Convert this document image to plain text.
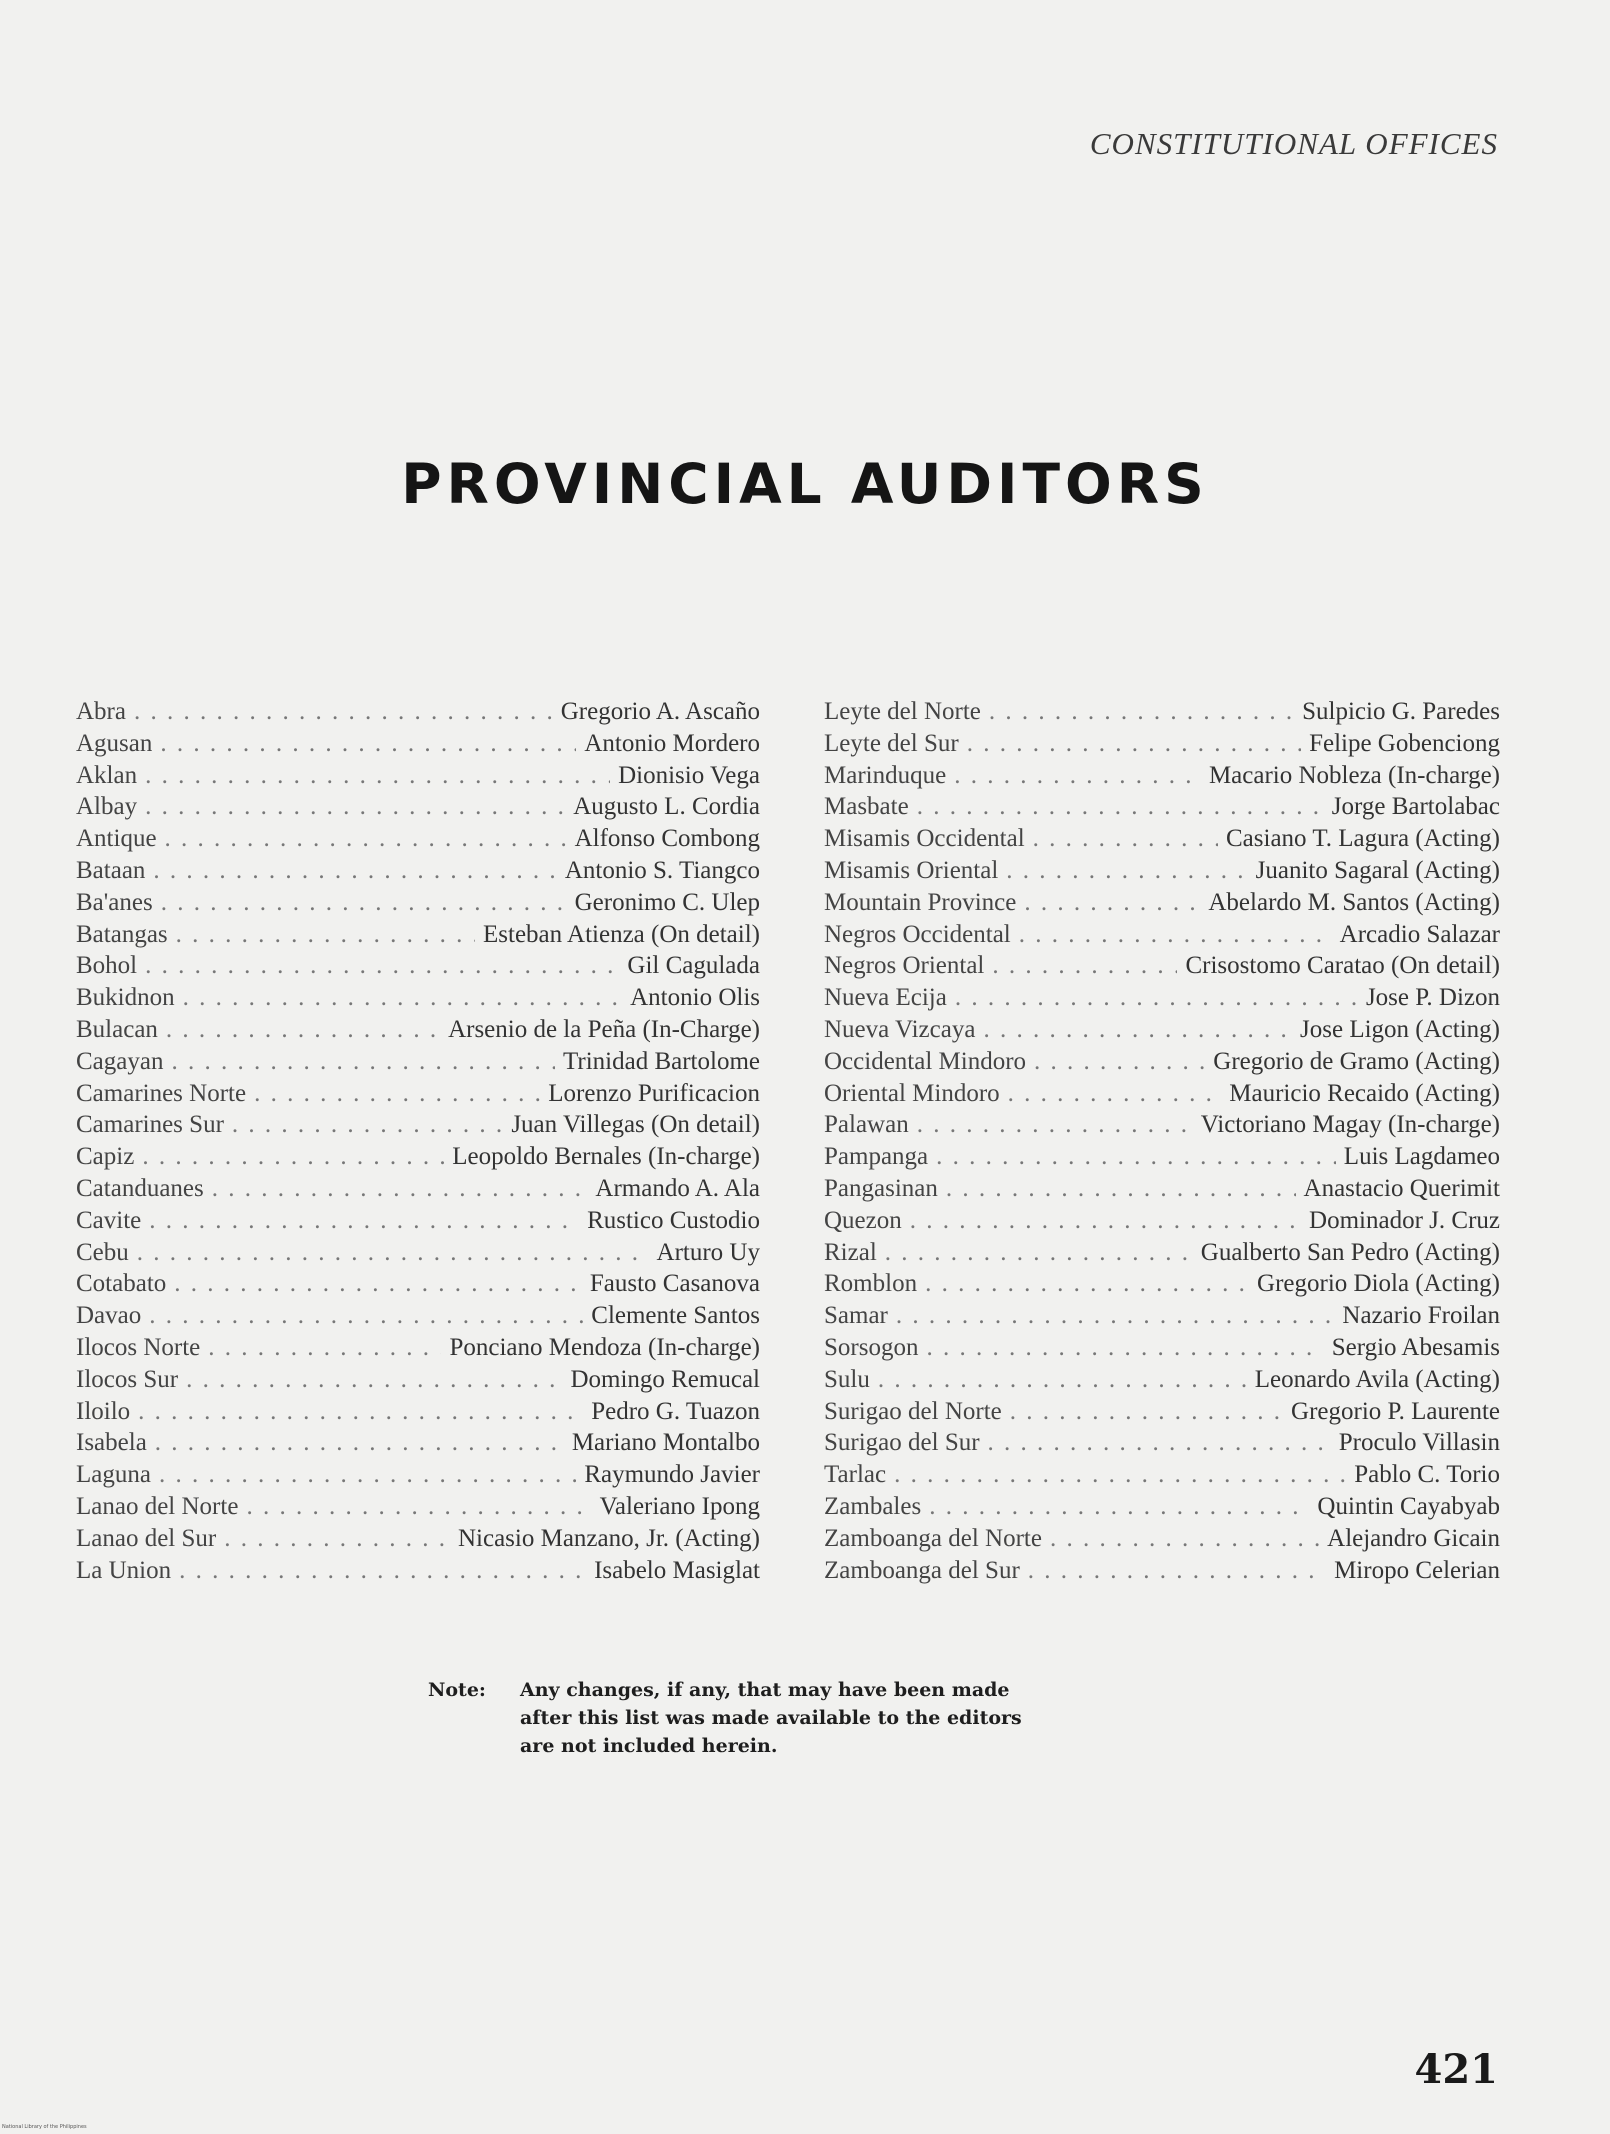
CONSTITUTIONAL OFFICES
PROVINCIAL AUDITORS
Abra . . .	Gregorio A. Ascaño
Agusan . . .	Antonio Mordero
Aklan . . .	Dionisio Vega
Albay . . .	Augusto L. Cordia
Antique . . .	Alfonso Combong
Bataan . . .	Antonio S. Tiangco
Ba'anes . . .	Geronimo C. Ulep
Batangas . . .	Esteban Atienza (On detail)
Bohol . . .	Gil Cagulada
Bukidnon . . .	Antonio Olis
Bulacan . . .	Arsenio de la Peña (In-Charge)
Cagayan . . .	Trinidad Bartolome
Camarines Norte . . .	Lorenzo Purificacion
Camarines Sur . . .	Juan Villegas (On detail)
Capiz . . .	Leopoldo Bernales (In-charge)
Catanduanes . . .	Armando A. Ala
Cavite . . .	Rustico Custodio
Cebu . . .	Arturo Uy
Cotabato . . .	Fausto Casanova
Davao . . .	Clemente Santos
Ilocos Norte . . .	Ponciano Mendoza (In-charge)
Ilocos Sur . . .	Domingo Remucal
Iloilo . . .	Pedro G. Tuazon
Isabela . . .	Mariano Montalbo
Laguna . . .	Raymundo Javier
Lanao del Norte . . .	Valeriano Ipong
Lanao del Sur . . .	Nicasio Manzano, Jr. (Acting)
La Union . . .	Isabelo Masiglat
Leyte del Norte . . .	Sulpicio G. Paredes
Leyte del Sur . . .	Felipe Gobenciong
Marinduque . . .	Macario Nobleza (In-charge)
Masbate . . .	Jorge Bartolabac
Misamis Occidental . . .	Casiano T. Lagura (Acting)
Misamis Oriental . . .	Juanito Sagaral (Acting)
Mountain Province . . .	Abelardo M. Santos (Acting)
Negros Occidental . . .	Arcadio Salazar
Negros Oriental . . .	Crisostomo Caratao (On detail)
Nueva Ecija . . .	Jose P. Dizon
Nueva Vizcaya . . .	Jose Ligon (Acting)
Occidental Mindoro . . .	Gregorio de Gramo (Acting)
Oriental Mindoro . . .	Mauricio Recaido (Acting)
Palawan . . .	Victoriano Magay (In-charge)
Pampanga . . .	Luis Lagdameo
Pangasinan . . .	Anastacio Querimit
Quezon . . .	Dominador J. Cruz
Rizal . . .	Gualberto San Pedro (Acting)
Romblon . . .	Gregorio Diola (Acting)
Samar . . .	Nazario Froilan
Sorsogon . . .	Sergio Abesamis
Sulu . . .	Leonardo Avila (Acting)
Surigao del Norte . . .	Gregorio P. Laurente
Surigao del Sur . . .	Proculo Villasin
Tarlac . . .	Pablo C. Torio
Zambales . . .	Quintin Cayabyab
Zamboanga del Norte . . .	Alejandro Gicain
Zamboanga del Sur . . .	Miropo Celerian
Note:	Any changes, if any, that may have been made
after this list was made available to the editors
are not included herein.
421
National Library of the Philippines
